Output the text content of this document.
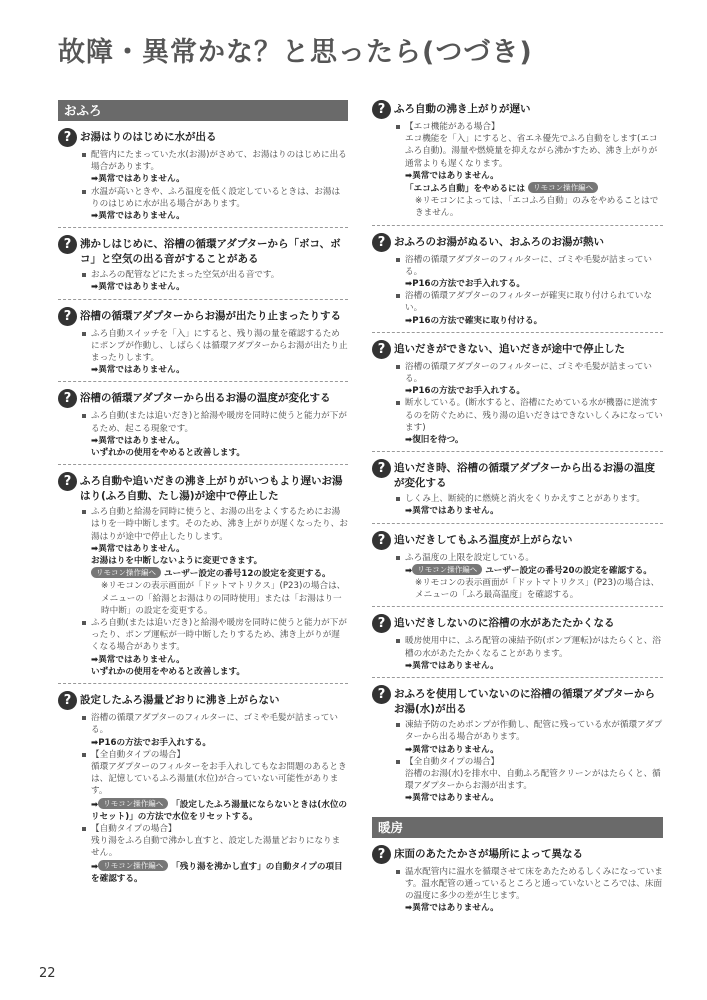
故障・異常かな？と思ったら(つづき)
おふろ
? お湯はりのはじめに水が出る
配管内にたまっていた水(お湯)がさめて、お湯はりのはじめに出る場合があります。
➡異常ではありません。
水温が高いときや、ふろ温度を低く設定しているときは、お湯はりのはじめに水が出る場合があります。
➡異常ではありません。
? 沸かしはじめに、浴槽の循環アダプターから「ボコ、ボコ」と空気の出る音がすることがある
おふろの配管などにたまった空気が出る音です。
➡異常ではありません。
? 浴槽の循環アダプターからお湯が出たり止まったりする
ふろ自動スイッチを「入」にすると、残り湯の量を確認するためにポンプが作動し、しばらくは循環アダプターからお湯が出たり止まったりします。
➡異常ではありません。
? 浴槽の循環アダプターから出るお湯の温度が変化する
ふろ自動(または追いだき)と給湯や暖房を同時に使うと能力が下がるため、起こる現象です。
➡異常ではありません。
いずれかの使用をやめると改善します。
? ふろ自動や追いだきの沸き上がりがいつもより遅いお湯はり(ふろ自動、たし湯)が途中で停止した
ふろ自動と給湯を同時に使うと、お湯の出をよくするためにお湯はりを一時中断します。そのため、沸き上がりが遅くなったり、お湯はりが途中で停止したりします。
➡異常ではありません。
お湯はりを中断しないように変更できます。
リモコン操作編へ ユーザー設定の番号12の設定を変更する。
※リモコンの表示画面が「ドットマトリクス」(P23)の場合は、メニューの「給湯とお湯はりの同時使用」または「お湯はり一時中断」の設定を変更する。
ふろ自動(または追いだき)と給湯や暖房を同時に使うと能力が下がったり、ポンプ運転が一時中断したりするため、沸き上がりが遅くなる場合があります。
➡異常ではありません。
いずれかの使用をやめると改善します。
? 設定したふろ湯量どおりに沸き上がらない
浴槽の循環アダプターのフィルターに、ゴミや毛髪が詰まっている。
➡P16の方法でお手入れする。
【全自動タイプの場合】
循環アダプターのフィルターをお手入れしてもなお問題のあるときは、記憶しているふろ湯量(水位)が合っていない可能性があります。
➡ リモコン操作編へ 「設定したふろ湯量にならないときは(水位のリセット)」の方法で水位をリセットする。
【自動タイプの場合】
残り湯をふろ自動で沸かし直すと、設定した湯量どおりになりません。
➡ リモコン操作編へ 「残り湯を沸かし直す」の自動タイプの項目を確認する。
? ふろ自動の沸き上がりが遅い
【エコ機能がある場合】
エコ機能を「入」にすると、省エネ優先でふろ自動をします(エコふろ自動)。湯量や燃焼量を抑えながら沸かすため、沸き上がりが通常よりも遅くなります。
➡異常ではありません。
「エコふろ自動」をやめるには リモコン操作編へ
※リモコンによっては、「エコふろ自動」のみをやめることはできません。
? おふろのお湯がぬるい、おふろのお湯が熱い
浴槽の循環アダプターのフィルターに、ゴミや毛髪が詰まっている。
➡P16の方法でお手入れする。
浴槽の循環アダプターのフィルターが確実に取り付けられていない。
➡P16の方法で確実に取り付ける。
? 追いだきができない、追いだきが途中で停止した
浴槽の循環アダプターのフィルターに、ゴミや毛髪が詰まっている。
➡P16の方法でお手入れする。
断水している。(断水すると、浴槽にためている水が機器に逆流するのを防ぐために、残り湯の追いだきはできないしくみになっています)
➡復旧を待つ。
? 追いだき時、浴槽の循環アダプターから出るお湯の温度が変化する
しくみ上、断続的に燃焼と消火をくりかえすことがあります。
➡異常ではありません。
? 追いだきしてもふろ温度が上がらない
ふろ温度の上限を設定している。
➡ リモコン操作編へ ユーザー設定の番号20の設定を確認する。
※リモコンの表示画面が「ドットマトリクス」(P23)の場合は、メニューの「ふろ最高温度」を確認する。
? 追いだきしないのに浴槽の水があたたかくなる
暖房使用中に、ふろ配管の凍結予防(ポンプ運転)がはたらくと、浴槽の水があたたかくなることがあります。
➡異常ではありません。
? おふろを使用していないのに浴槽の循環アダプターからお湯(水)が出る
凍結予防のためポンプが作動し、配管に残っている水が循環アダプターから出る場合があります。
➡異常ではありません。
【全自動タイプの場合】
浴槽のお湯(水)を排水中、自動ふろ配管クリーンがはたらくと、循環アダプターからお湯が出ます。
➡異常ではありません。
暖房
? 床面のあたたかさが場所によって異なる
温水配管内に温水を循環させて床をあたためるしくみになっています。温水配管の通っているところと通っていないところでは、床面の温度に多少の差が生じます。
➡異常ではありません。
22
